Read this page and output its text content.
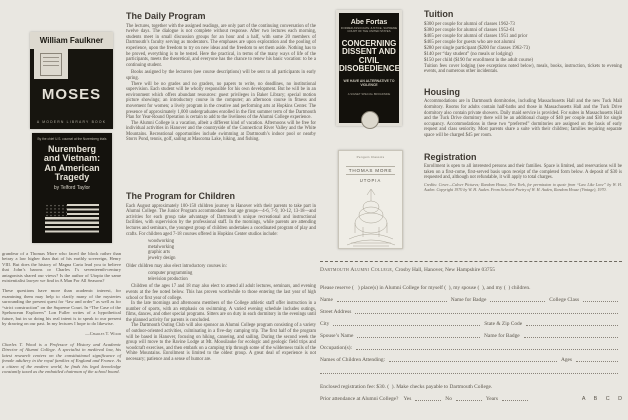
William Faulkner
MOSES
A MODERN LIBRARY BOOK
By the chief U.S. counsel at the Nuremberg trials
Nuremberg
and Vietnam:
An American
Tragedy
by Telford Taylor

grandeur of a Thomas More who faced the block rather than betray a law higher than that of his earthly sovereign, Henry VIII. But does the history of Magna Carta lead you to believe that John’s barons or Charles I’s seventeenth-century antagonists shared our views? Is the author of Utopia the same existentialist lawyer we find in A Man For All Seasons?

These questions have more than academic interest, for examining them may help to clarify many of the mysteries surrounding the present quest for “law and order” as well as for “strict construction” on the Supreme Court. In “The Case of the Speluncean Explorers” Lon Fuller writes of a hypothetical future, but in so doing his real intent is to speak to our present by drawing on our past. In my lectures I hope to do likewise.

—Charles T. Wood

Charles T. Wood is a Professor of History and Academic Director of Alumni College. A specialist in medieval law, his latest research centers on the constitutional significance of female adultery in the royal families of England and France. As a citizen of the modern world, he finds his legal knowledge constantly taxed as the embattled chairman of the school board.

The Daily Program

The lectures, together with the assigned readings, are only part of the continuing conversation of the twelve days. The dialogue is not complete without response. After two lectures each morning, students meet in small discussion groups for an hour and a half, with some 20 members of Dartmouth’s faculty serving as moderators. The emphases are upon exploration and the pooling of experience, upon the freedom to try on new ideas and the freedom to set them aside. Nothing has to be proved, everything is to be tested. Here the practical, in terms of the many ways of life of the participants, meets the theoretical, and everyone has the chance to renew his basic vocation: to be a continuing student.

Books assigned by the lecturers (see course descriptions) will be sent to all participants in early spring.

There will be no grades and no graders, no papers to write, no deadlines, no institutional supervision. Each student will be wholly responsible for his own development. But he will be in an environment which offers abundant resources: guest privileges in Baker Library; special motion picture showings; an introductory course in the computer; an afternoon course in fitness and movement for women; a lively program in the creative and performing arts at Hopkins Center. The presence of approximately 1,000 undergraduates enrolled in the first summer term of the Dartmouth Plan for Year-Round Operation is certain to add to the liveliness of the Alumni College experience.

The Alumni College is a vacation, albeit a different kind of vacation. Afternoons will be free for individual activities in Hanover and the countryside of the Connecticut River Valley and the White Mountains. Recreational opportunities include swimming at Dartmouth’s indoor pool or nearby Storrs Pond, tennis, golf, sailing at Mascoma Lake, hiking, and fishing.

The Program for Children

Each August approximately 100-150 children journey to Hanover with their parents to take part in Alumni College. The Junior Program accommodates four age groups—4-6, 7-9, 10-12, 13-18—and activities for each group take advantage of Dartmouth’s unique recreational and instructional facilities, with supervision by the professional staff. In the mornings, while parents are attending lectures and seminars, the youngest group of children undertakes a coordinated program of play and crafts. For children aged 7-18 courses offered in Hopkins Center studios include:

woodworking
metalworking
graphic arts
jewelry design

Older children may also elect introductory courses in:

computer programming
television production

Children of the ages 17 and 18 may also elect to attend all adult lectures, seminars, and evening events at the fee noted below. This has proven worthwhile to those entering the last year of high school or first year of college.

In the late mornings and afternoons members of the College athletic staff offer instruction in a number of sports, with an emphasis on swimming. A varied evening schedule includes outings, films, dances, and other special programs. Sitters are on duty in each dormitory in the evenings until the planned activity for parents is concluded.

The Dartmouth Outing Club will also sponsor an Alumni College program consisting of a variety of outdoor-oriented activities, culminating in a five-day camping trip. The first half of the program will be based in Hanover, focusing on hiking, canoeing, and sailing. During the second week the group will move to the Ravine Lodge at Mt. Moosilauke for ecologic and geologic field trips and woodcraft exercises, and then embark on a camping trip through some of the wilderness trails of the White Mountains. Enrollment is limited to the oldest group. A great deal of experience is not necessary; patience and a sense of humor are.

Abe Fortas
FORMER ASSOCIATE JUSTICE, SUPREME COURT OF THE UNITED STATES
CONCERNING
DISSENT AND
CIVIL
DISOBEDIENCE
WE HAVE AN ALTERNATIVE TO VIOLENCE
A SIGNET SPECIAL BROADSIDE
Penguin Classics
THOMAS MORE
UTOPIA
Tuition
$300 per couple for alumni of classes 1962-73
$380 per couple for alumni of classes 1952-61
$465 per couple for alumni of classes 1951 and prior
$465 per couple for guests who are not alumni
$280 per single participant ($200 for classes 1962-73)
$140 per “day student” (no meals or lodging)
$150 per child ($190 for enrollment in the adult course)

Tuition fees cover lodging (see exceptions noted below), meals, books, instruction, tickets to evening events, and numerous other incidentals.

Housing

Accommodations are in Dartmouth dormitories, including Massachusetts Hall and the new Tuck Mall dormitory. Rooms for adults contain half-baths and those in Massachusetts Hall and the Tuck Drive dormitory also contain private showers. Daily maid service is provided. For suites in Massachusetts Hall and the Tuck Drive dormitory there will be an additional charge of $40 per couple and $30 for single occupancy. Accommodations in these two “preferred” dormitories are assigned on the basis of early request and class seniority. Most parents share a suite with their children; families requiring separate space will be charged $45 per room.

Registration

Enrollment is open to all interested persons and their families. Space is limited, and reservations will be taken on a first-come, first-served basis upon receipt of the completed form below. A deposit of $30 is requested and, although not refundable, it will apply to total charges.

Credits: Cover—Culver Pictures; Random House, New York, for permission to quote from “Law Like Love” by W. H. Auden. Copyright 1970 by W. H. Auden. From Selected Poetry of W. H. Auden, Random House (Vintage), 1970.

Dartmouth Alumni College, Crosby Hall, Hanover, New Hampshire 03755
Please reserve (   ) place(s) in Alumni College for myself (  ), my spouse (  ), and my (  ) children.
Name	Name for Badge	College Class
Street Address
City	State & Zip Code
Spouse’s Name	Name for Badge
Occupation(s):
Names of Children Attending:	Ages
Enclosed registration fee: $30. (  ). Make checks payable to Dartmouth College.
Prior attendance at Alumni College? Yes	No	Years	A B C D
